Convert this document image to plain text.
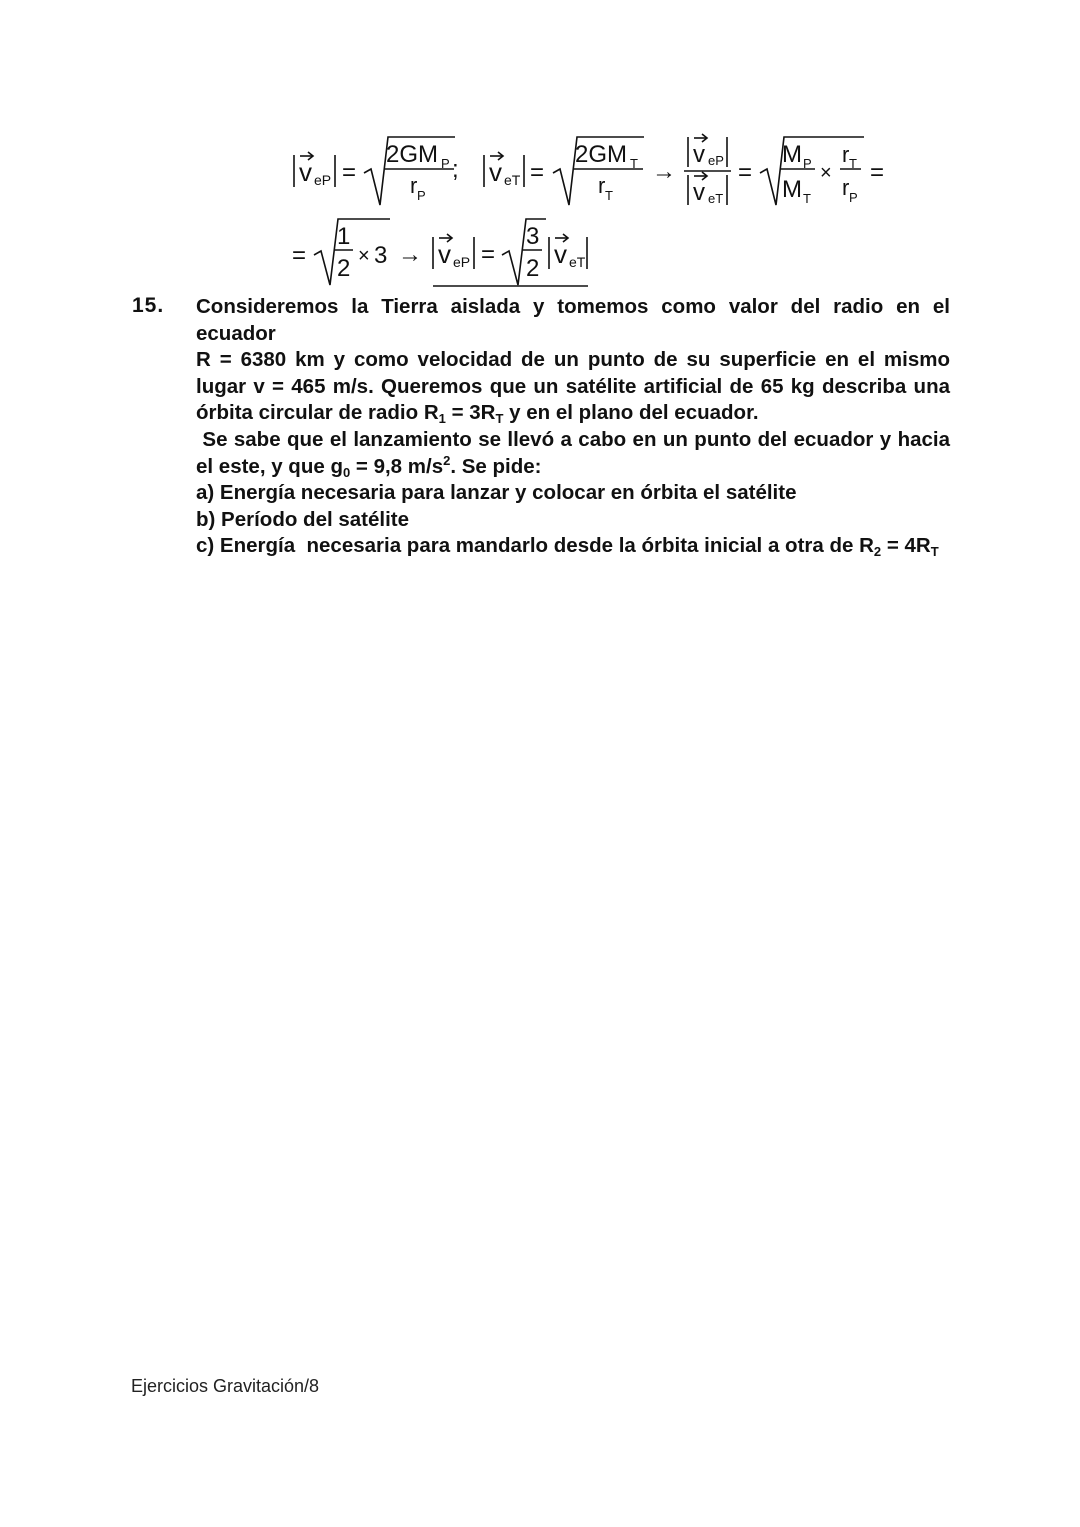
v eP =
2GM P
r P
; v eT =
2GM T
r T
→
v eP
v eT
=
M P
M T
×
r T
r P
=
=
1
2 × 3 → v eP =
3
2 v eT
15. Consideremos la Tierra aislada y tomemos como valor del radio en el ecuador
R = 6380 km y como velocidad de un punto de su superficie en el mismo
lugar v = 465 m/s. Queremos que un satélite artificial de 65 kg describa una
órbita circular de radio $R_1 = 3R_T$ y en el plano del ecuador.
Se sabe que el lanzamiento se llevó a cabo en un punto del ecuador y hacia
el este, y que $g_0 = 9,8$ $m/s^2$. Se pide:
a) Energía necesaria para lanzar y colocar en órbita el satélite
b) Período del satélite
c) Energía  necesaria para mandarlo desde la órbita inicial a otra de $R_2 = 4R_T$
Ejercicios Gravitación/8
